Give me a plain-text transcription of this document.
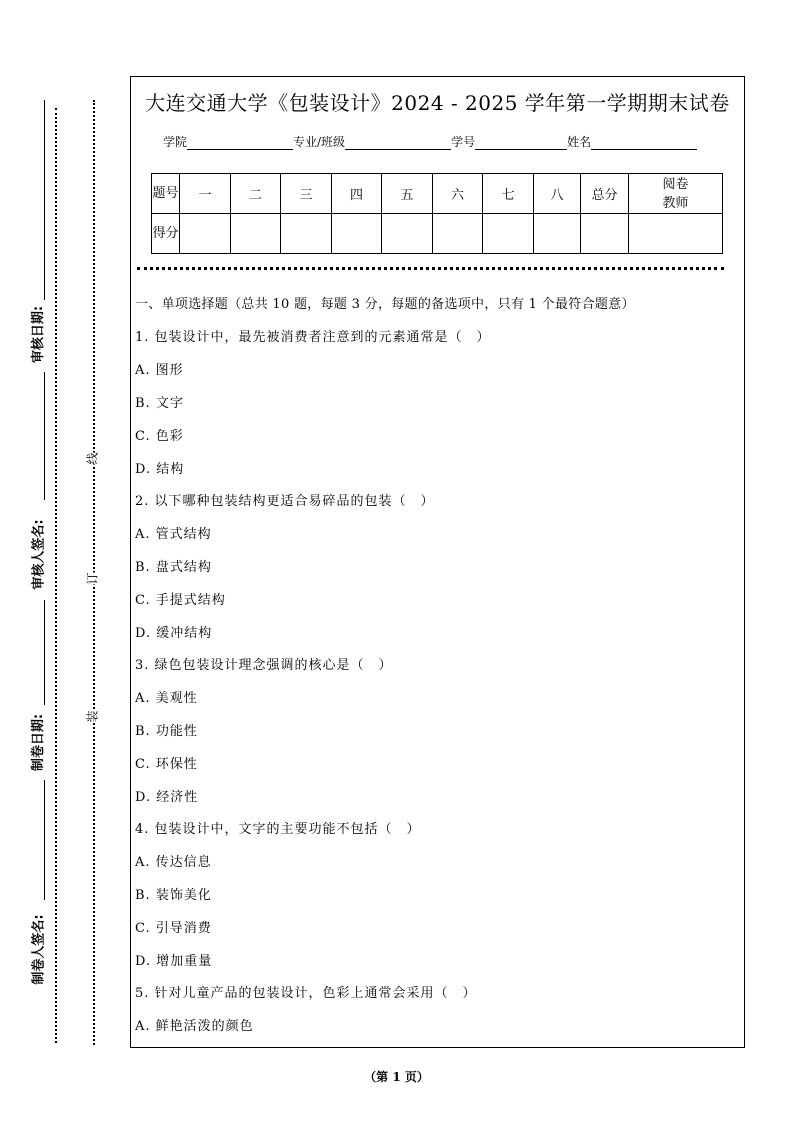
审核日期:
审核人签名:
制卷日期:
制卷人签名:
线
订
装
大连交通大学《包装设计》2024 - 2025 学年第一学期期末试卷
学院	专业/班级	学号	姓名
题号	一	二	三	四	五	六	七	八	总分	阅卷教师
得分										
一、单项选择题（总共 10 题，每题 3 分，每题的备选项中，只有 1 个最符合题意）
1. 包装设计中，最先被消费者注意到的元素通常是（　）
A. 图形
B. 文字
C. 色彩
D. 结构
2. 以下哪种包装结构更适合易碎品的包装（　）
A. 管式结构
B. 盘式结构
C. 手提式结构
D. 缓冲结构
3. 绿色包装设计理念强调的核心是（　）
A. 美观性
B. 功能性
C. 环保性
D. 经济性
4. 包装设计中，文字的主要功能不包括（　）
A. 传达信息
B. 装饰美化
C. 引导消费
D. 增加重量
5. 针对儿童产品的包装设计，色彩上通常会采用（　）
A. 鲜艳活泼的颜色
（第 1 页）
